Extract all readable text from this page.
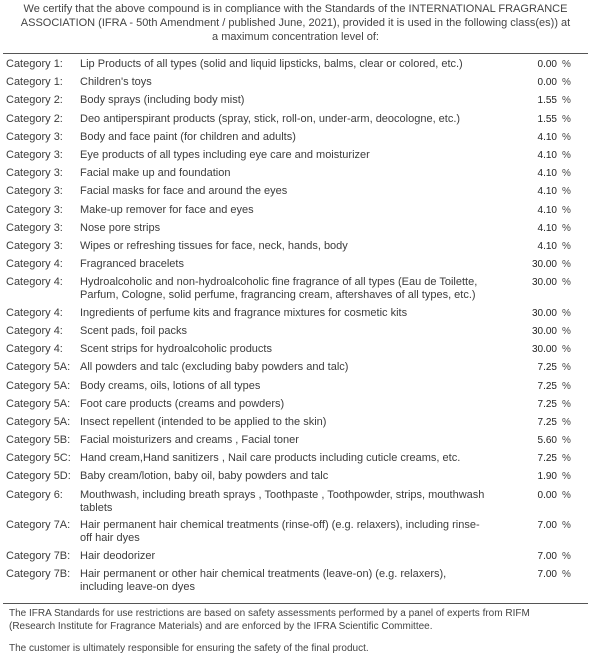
We certify that the above compound is in compliance with the Standards of the INTERNATIONAL FRAGRANCE
ASSOCIATION (IFRA - 50th Amendment / published June, 2021), provided it is used in the following class(es)) at
a maximum concentration level of:
Category 1: Lip Products of all types (solid and liquid lipsticks, balms, clear or colored, etc.)	0.00 %
Category 1: Children's toys	0.00 %
Category 2: Body sprays (including body mist)	1.55 %
Category 2: Deo antiperspirant products (spray, stick, roll-on, under-arm, deocologne, etc.)	1.55 %
Category 3: Body and face paint (for children and adults)	4.10 %
Category 3: Eye products of all types including eye care and moisturizer	4.10 %
Category 3: Facial make up and foundation	4.10 %
Category 3: Facial masks for face and around the eyes	4.10 %
Category 3: Make-up remover for face and eyes	4.10 %
Category 3: Nose pore strips	4.10 %
Category 3: Wipes or refreshing tissues for face, neck, hands, body	4.10 %
Category 4: Fragranced bracelets	30.00 %
Category 4: Hydroalcoholic and non-hydroalcoholic fine fragrance of all types (Eau de Toilette,
Parfum, Cologne, solid perfume, fragrancing cream, aftershaves of all types, etc.)
30.00 %
Category 4: Ingredients of perfume kits and fragrance mixtures for cosmetic kits	30.00 %
Category 4: Scent pads, foil packs	30.00 %
Category 4: Scent strips for hydroalcoholic products	30.00 %
Category 5A: All powders and talc (excluding baby powders and talc)	7.25 %
Category 5A: Body creams, oils, lotions of all types	7.25 %
Category 5A: Foot care products (creams and powders)	7.25 %
Category 5A: Insect repellent (intended to be applied to the skin)	7.25 %
Category 5B: Facial moisturizers and creams , Facial toner	5.60 %
Category 5C: Hand cream,Hand sanitizers , Nail care products including cuticle creams, etc.	7.25 %
Category 5D: Baby cream/lotion, baby oil, baby powders and talc	1.90 %
Category 6: Mouthwash, including breath sprays , Toothpaste , Toothpowder, strips, mouthwash
tablets
0.00 %
Category 7A: Hair permanent hair chemical treatments (rinse-off) (e.g. relaxers), including rinse-
off hair dyes
7.00 %
Category 7B: Hair deodorizer	7.00 %
Category 7B: Hair permanent or other hair chemical treatments (leave-on) (e.g. relaxers),
including leave-on dyes
7.00 %
The IFRA Standards for use restrictions are based on safety assessments performed by a panel of experts from RIFM
(Research Institute for Fragrance Materials) and are enforced by the IFRA Scientific Committee.
The customer is ultimately responsible for ensuring the safety of the final product.
